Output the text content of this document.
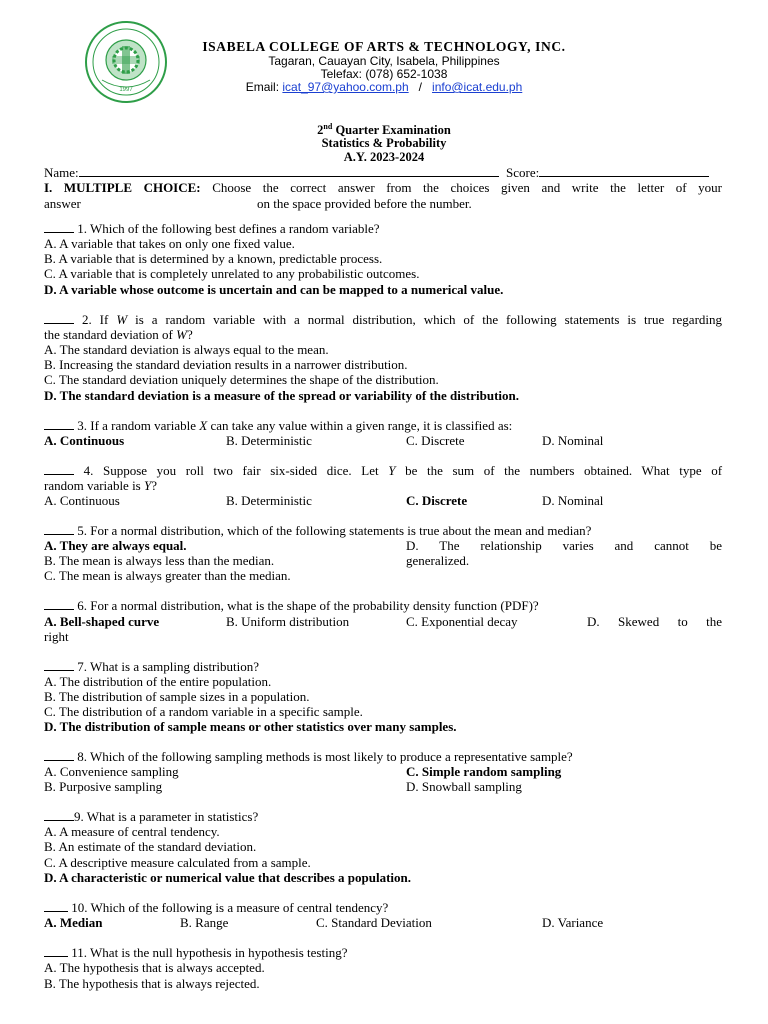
1997
ISABELA COLLEGE OF ARTS & TECHNOLOGY, INC.
Tagaran, Cauayan City, Isabela, Philippines
Telefax: (078) 652-1038
Email: icat_97@yahoo.com.ph / info@icat.edu.ph
2nd Quarter Examination
Statistics & Probability
A.Y. 2023-2024
Name:	Score:
I. MULTIPLE CHOICE: Choose the correct answer from the choices given and write the letter of your
answer	on the space provided before the number.
1. Which of the following best defines a random variable?
A. A variable that takes on only one fixed value.
B. A variable that is determined by a known, predictable process.
C. A variable that is completely unrelated to any probabilistic outcomes.
D. A variable whose outcome is uncertain and can be mapped to a numerical value.
2. If W is a random variable with a normal distribution, which of the following statements is true regarding
the standard deviation of W?
A. The standard deviation is always equal to the mean.
B. Increasing the standard deviation results in a narrower distribution.
C. The standard deviation uniquely determines the shape of the distribution.
D. The standard deviation is a measure of the spread or variability of the distribution.
3. If a random variable X can take any value within a given range, it is classified as:
A. Continuous	B. Deterministic	C. Discrete	D. Nominal
4. Suppose you roll two fair six-sided dice. Let Y be the sum of the numbers obtained. What type of
random variable is Y?
A. Continuous	B. Deterministic	C. Discrete	D. Nominal
5. For a normal distribution, which of the following statements is true about the mean and median?
A. They are always equal.
B. The mean is always less than the median.
C. The mean is always greater than the median.
D. The relationship varies and cannot be
generalized.
6. For a normal distribution, what is the shape of the probability density function (PDF)?
A. Bell-shaped curve	B. Uniform distribution	C. Exponential decay	D. Skewed to the
right
7. What is a sampling distribution?
A. The distribution of the entire population.
B. The distribution of sample sizes in a population.
C. The distribution of a random variable in a specific sample.
D. The distribution of sample means or other statistics over many samples.
8. Which of the following sampling methods is most likely to produce a representative sample?
A. Convenience sampling
B. Purposive sampling
C. Simple random sampling
D. Snowball sampling
9. What is a parameter in statistics?
A. A measure of central tendency.
B. An estimate of the standard deviation.
C. A descriptive measure calculated from a sample.
D. A characteristic or numerical value that describes a population.
10. Which of the following is a measure of central tendency?
A. Median	B. Range	C. Standard Deviation	D. Variance
11. What is the null hypothesis in hypothesis testing?
A. The hypothesis that is always accepted.
B. The hypothesis that is always rejected.
